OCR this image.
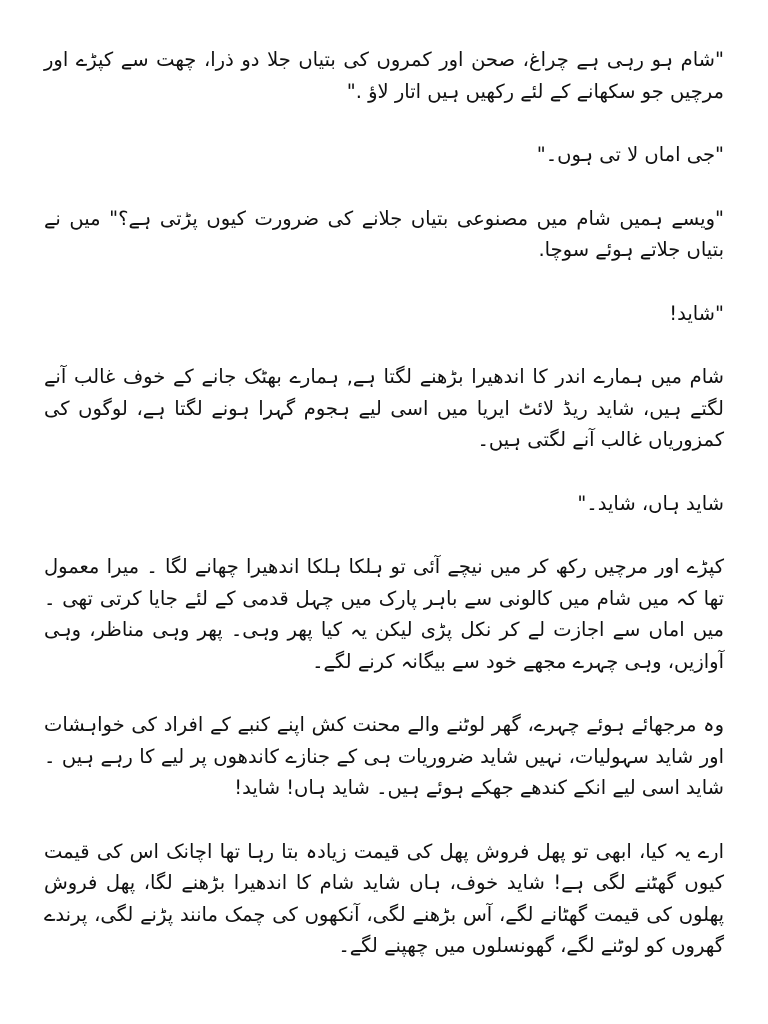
"شام ہو رہی ہے چراغ، صحن اور کمروں کی بتیاں جلا دو ذرا، چھت سے کپڑے اور مرچیں جو سکھانے کے لئے رکھیں ہیں اتار لاؤ ."

"جی اماں لا تی ہوں۔"

"ویسے ہمیں شام میں مصنوعی بتیاں جلانے کی ضرورت کیوں پڑتی ہے؟" میں نے بتیاں جلاتے ہوئے سوچا.

"شاید!

شام میں ہمارے اندر کا اندھیرا بڑھنے لگتا ہے, ہمارے بھٹک جانے کے خوف غالب آنے لگتے ہیں، شاید ریڈ لائٹ ایریا میں اسی لیے ہجوم گہرا ہونے لگتا ہے، لوگوں کی کمزوریاں غالب آنے لگتی ہیں۔

شاید ہاں، شاید۔"

کپڑے اور مرچیں رکھ کر میں نیچے آئی تو ہلکا ہلکا اندھیرا چھانے لگا ۔ میرا معمول تھا کہ میں شام میں کالونی سے باہر پارک میں چہل قدمی کے لئے جایا کرتی تھی ۔ میں اماں سے اجازت لے کر نکل پڑی لیکن یہ کیا پھر وہی۔ پھر وہی مناظر، وہی آوازیں، وہی چہرے مجھے خود سے بیگانہ کرنے لگے۔

وہ مرجھائے ہوئے چہرے، گھر لوٹنے والے محنت کش اپنے کنبے کے افراد کی خواہشات اور شاید سہولیات، نہیں شاید ضروریات ہی کے جنازے کاندھوں پر لیے کا رہے ہیں ۔ شاید اسی لیے انکے کندھے جھکے ہوئے ہیں۔ شاید ہاں! شاید!

ارے یہ کیا، ابھی تو پھل فروش پھل کی قیمت زیادہ بتا رہا تھا اچانک اس کی قیمت کیوں گھٹنے لگی ہے! شاید خوف، ہاں شاید شام کا اندھیرا بڑھنے لگا، پھل فروش پھلوں کی قیمت گھٹانے لگے، آس بڑھنے لگی، آنکھوں کی چمک مانند پڑنے لگی، پرندے گھروں کو لوٹنے لگے، گھونسلوں میں چھپنے لگے۔
